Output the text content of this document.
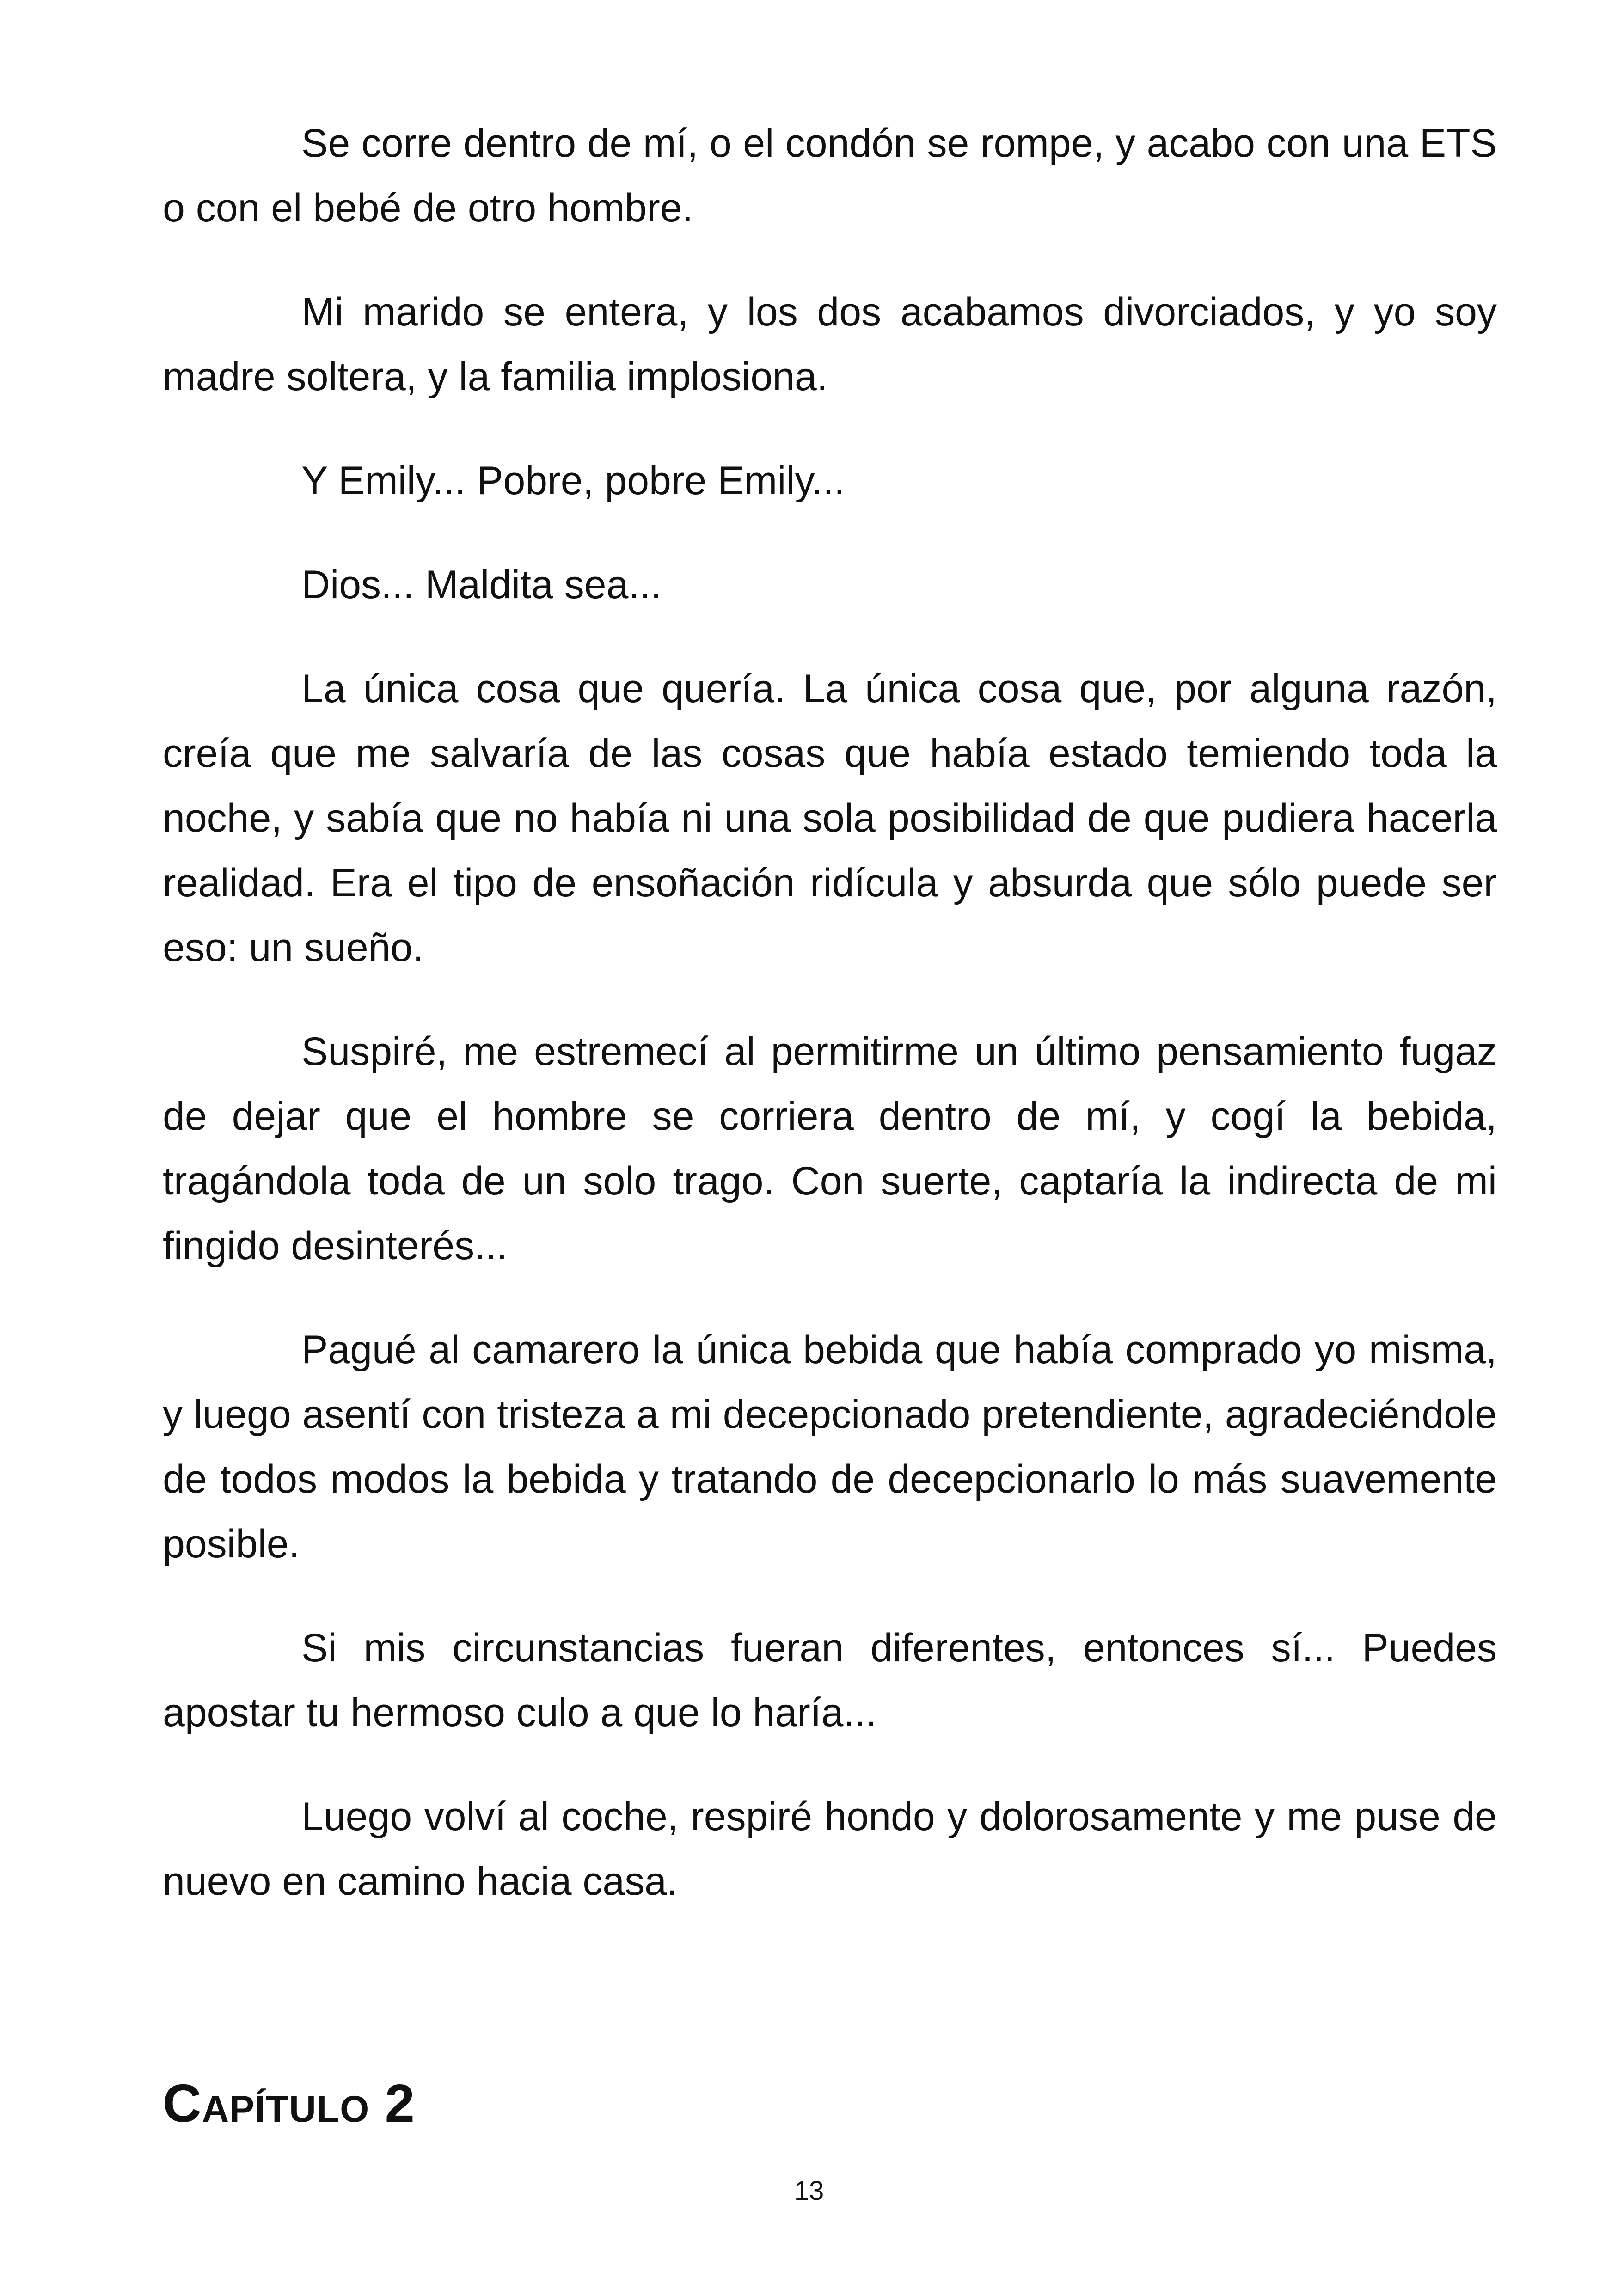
Se corre dentro de mí, o el condón se rompe, y acabo con una ETS o con el bebé de otro hombre.

Mi marido se entera, y los dos acabamos divorciados, y yo soy madre soltera, y la familia implosiona.

Y Emily... Pobre, pobre Emily...

Dios... Maldita sea...

La única cosa que quería. La única cosa que, por alguna razón, creía que me salvaría de las cosas que había estado temiendo toda la noche, y sabía que no había ni una sola posibilidad de que pudiera hacerla realidad. Era el tipo de ensoñación ridícula y absurda que sólo puede ser eso: un sueño.

Suspiré, me estremecí al permitirme un último pensamiento fugaz de dejar que el hombre se corriera dentro de mí, y cogí la bebida, tragándola toda de un solo trago. Con suerte, captaría la indirecta de mi fingido desinterés...

Pagué al camarero la única bebida que había comprado yo misma, y luego asentí con tristeza a mi decepcionado pretendiente, agradeciéndole de todos modos la bebida y tratando de decepcionarlo lo más suavemente posible.

Si mis circunstancias fueran diferentes, entonces sí... Puedes apostar tu hermoso culo a que lo haría...

Luego volví al coche, respiré hondo y dolorosamente y me puse de nuevo en camino hacia casa.

Capítulo 2
13
